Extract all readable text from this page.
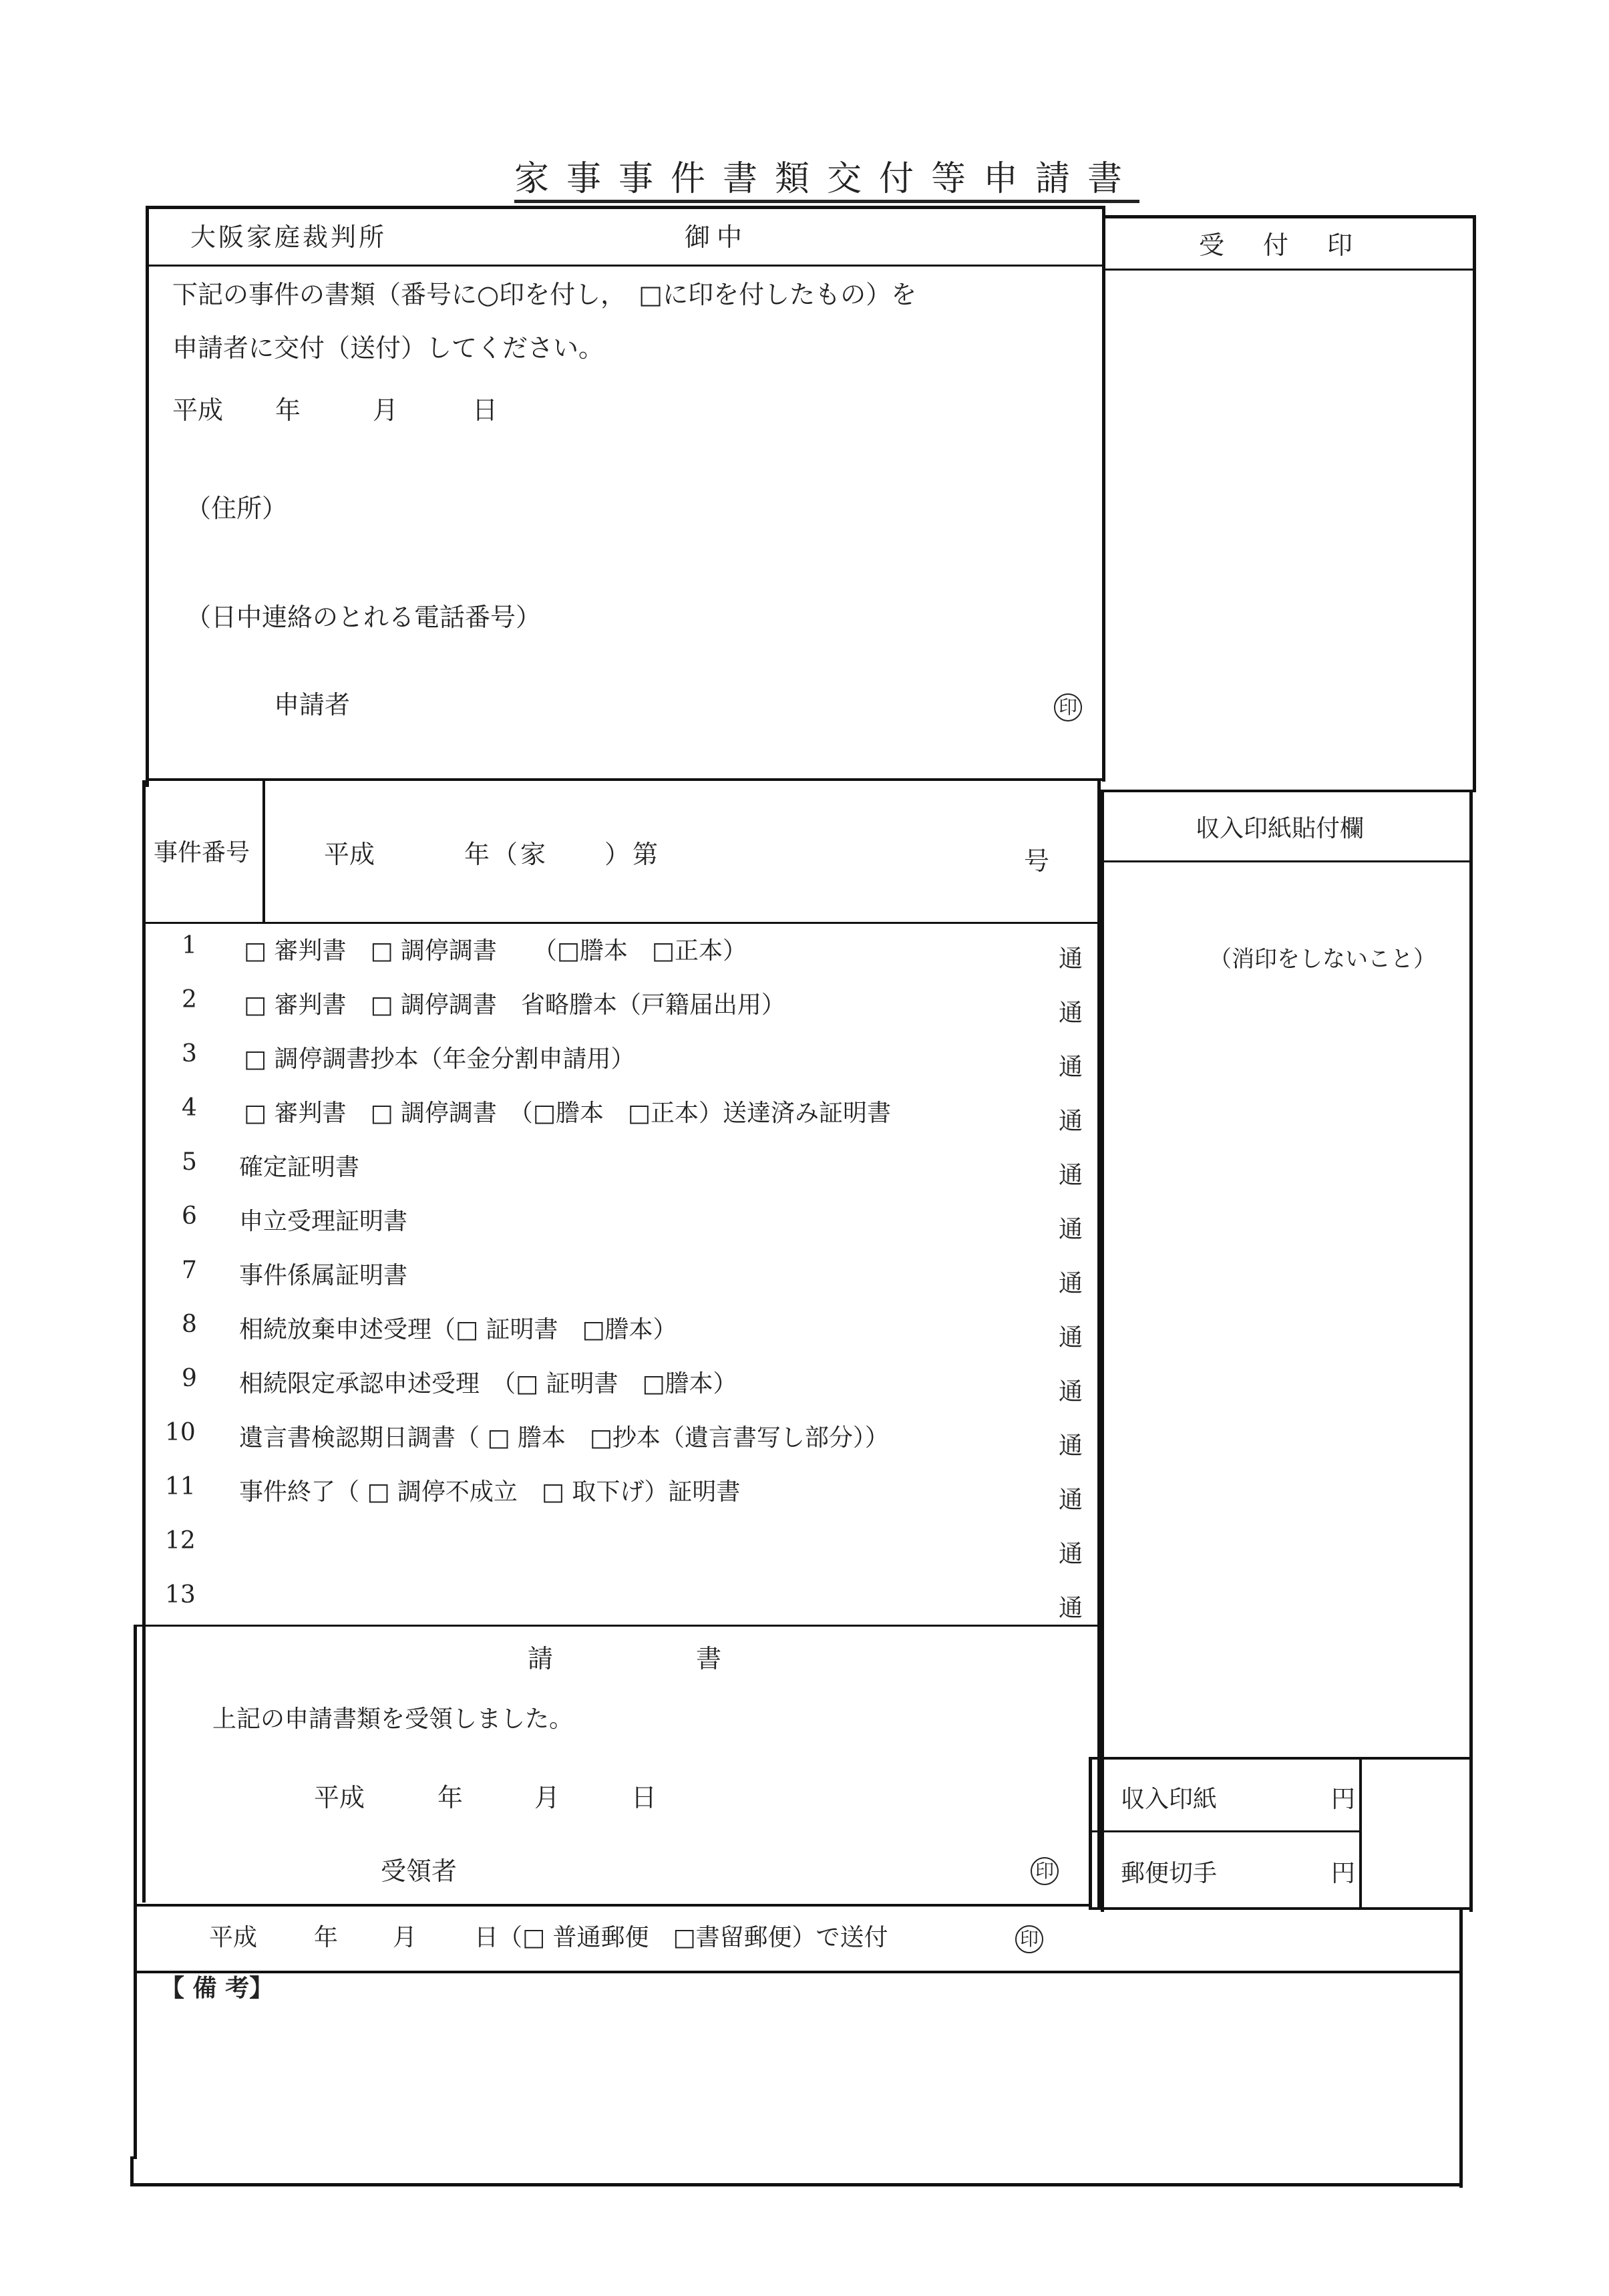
家事事件書類交付等申請書
大阪家庭裁判所	御中	受　付　印
下記の事件の書類（番号に○印を付し，　□に印を付したもの）を
申請者に交付（送付）してください。
平成 年	月	日
（住所）
（日中連絡のとれる電話番号）
申請者	印
事件番号	平成	年（家　　）第	号
収入印紙貼付欄
（消印をしないこと）
1 □ 審判書　□ 調停調書　　（□謄本　□正本）	通
2 □ 審判書　□ 調停調書　省略謄本（戸籍届出用）	通
3 □ 調停調書抄本（年金分割申請用）	通
4 □ 審判書　□ 調停調書　（□謄本　□正本）送達済み証明書	通
5 確定証明書	通
6 申立受理証明書	通
7 事件係属証明書	通
8 相続放棄申述受理（□ 証明書　□謄本）	通
9 相続限定承認申述受理　（□ 証明書　□謄本）	通
10 遺言書検認期日調書（ □ 謄本　□抄本（遺言書写し部分））	通
11 事件終了（ □ 調停不成立　□ 取下げ）証明書	通
12	通
13	通
請　　　　　書
上記の申請書類を受領しました。
平成	年	月	日
受領者	印
収入印紙	円
郵便切手	円
平成 年 月 日（□ 普通郵便　□書留郵便）で送付	印
【 備 考】
